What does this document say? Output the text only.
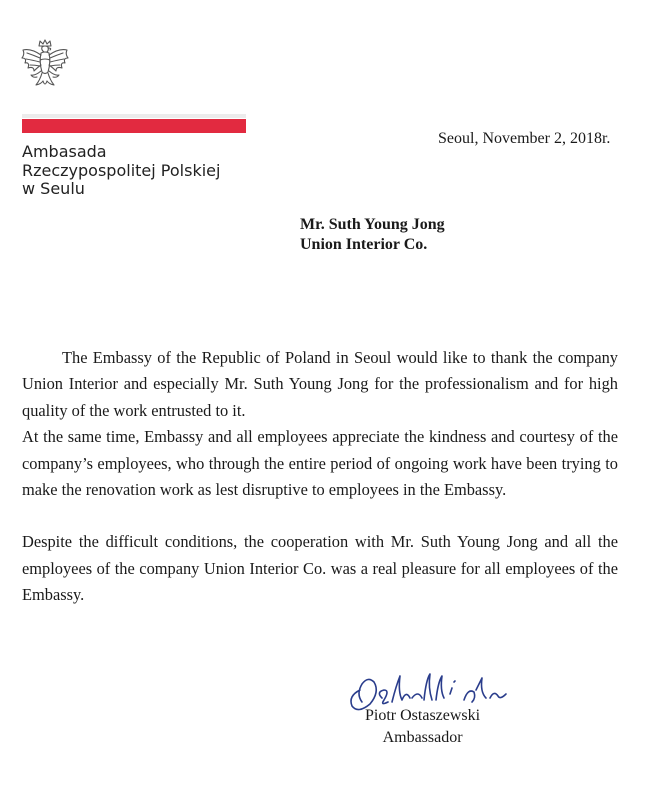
Ambasada
Rzeczypospolitej Polskiej
w Seulu
Seoul, November 2, 2018r.
Mr. Suth Young Jong
Union Interior Co.

The Embassy of the Republic of Poland in Seoul would like to thank the company Union Interior and especially Mr. Suth Young Jong for the professionalism and for high quality of the work entrusted to it.

At the same time, Embassy and all employees appreciate the kindness and courtesy of the company’s employees, who through the entire period of ongoing work have been trying to make the renovation work as lest disruptive to employees in the Embassy.

Despite the difficult conditions, the cooperation with Mr. Suth Young Jong and all the employees of the company Union Interior Co. was a real pleasure for all employees of the Embassy.

Piotr Ostaszewski
Ambassador
